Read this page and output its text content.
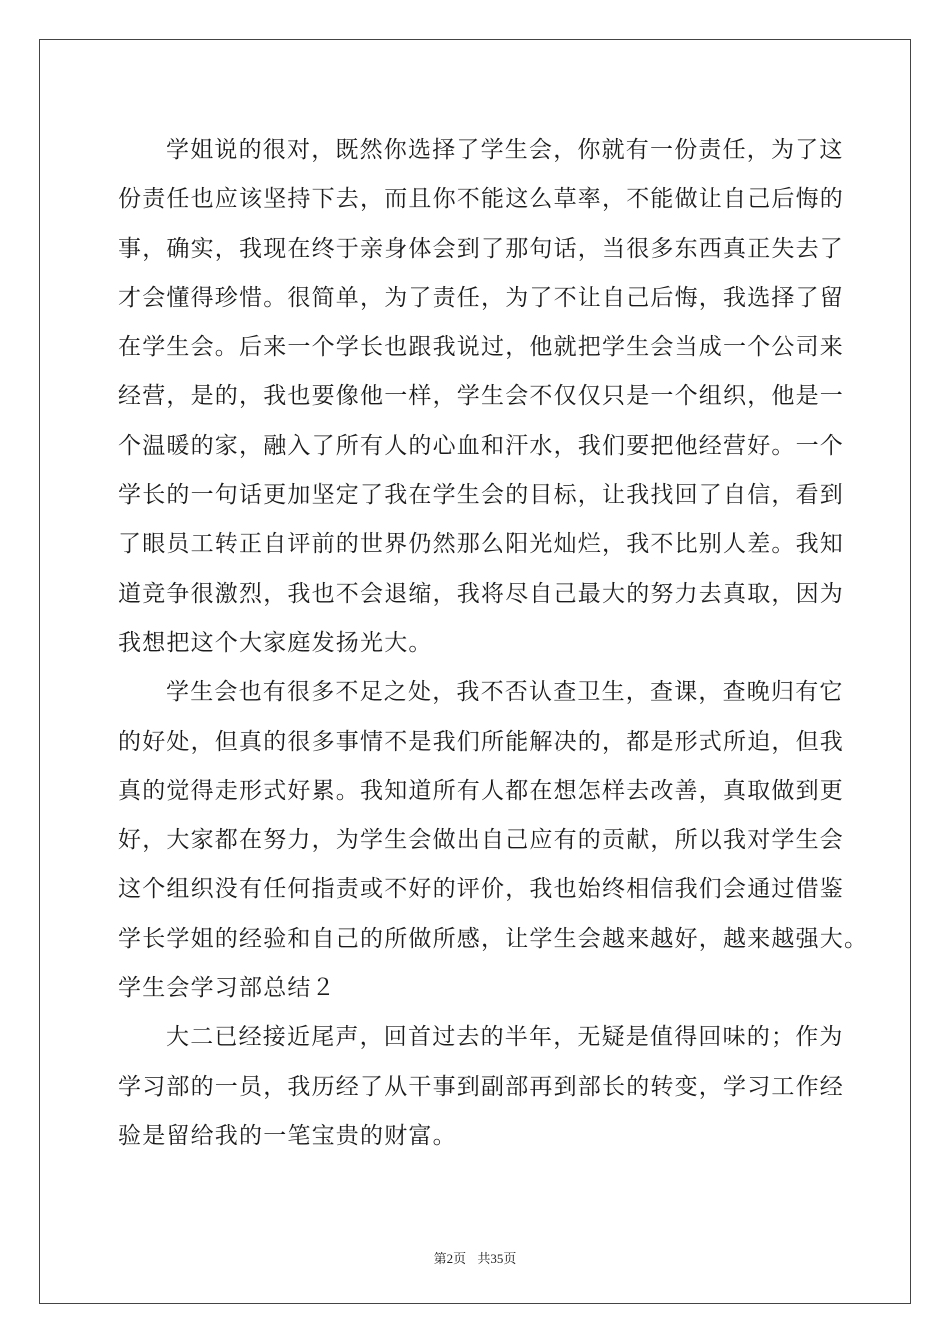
学姐说的很对，既然你选择了学生会，你就有一份责任，为了这
份责任也应该坚持下去，而且你不能这么草率，不能做让自己后悔的
事，确实，我现在终于亲身体会到了那句话，当很多东西真正失去了
才会懂得珍惜。很简单，为了责任，为了不让自己后悔，我选择了留
在学生会。后来一个学长也跟我说过，他就把学生会当成一个公司来
经营，是的，我也要像他一样，学生会不仅仅只是一个组织，他是一
个温暖的家，融入了所有人的心血和汗水，我们要把他经营好。一个
学长的一句话更加坚定了我在学生会的目标，让我找回了自信，看到
了眼员工转正自评前的世界仍然那么阳光灿烂，我不比别人差。我知
道竞争很激烈，我也不会退缩，我将尽自己最大的努力去真取，因为
我想把这个大家庭发扬光大。
学生会也有很多不足之处，我不否认查卫生，查课，查晚归有它
的好处，但真的很多事情不是我们所能解决的，都是形式所迫，但我
真的觉得走形式好累。我知道所有人都在想怎样去改善，真取做到更
好，大家都在努力，为学生会做出自己应有的贡献，所以我对学生会
这个组织没有任何指责或不好的评价，我也始终相信我们会通过借鉴
学长学姐的经验和自己的所做所感，让学生会越来越好，越来越强大。
学生会学习部总结２
大二已经接近尾声，回首过去的半年，无疑是值得回味的；作为
学习部的一员，我历经了从干事到副部再到部长的转变，学习工作经
验是留给我的一笔宝贵的财富。
第2页 共35页
